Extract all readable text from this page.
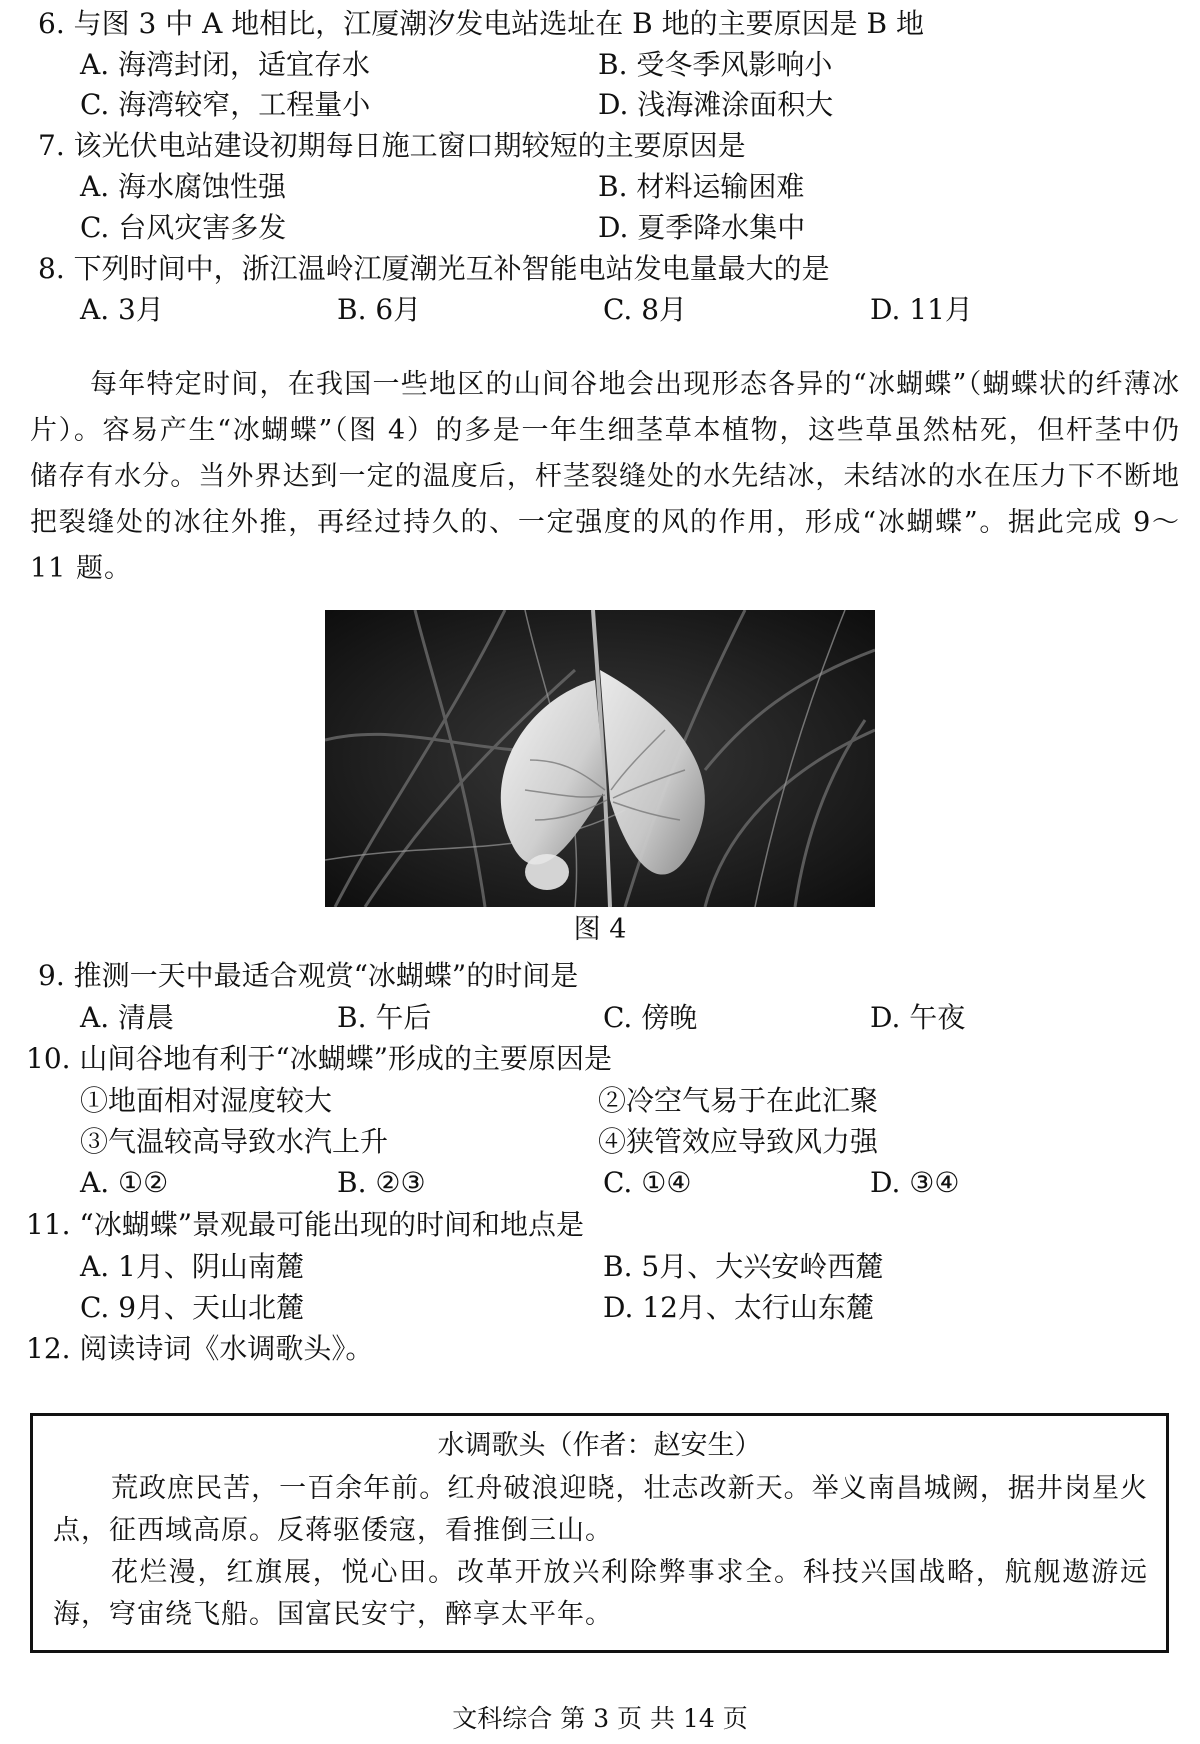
6. 与图 3 中 A 地相比，江厦潮汐发电站选址在 B 地的主要原因是 B 地
A. 海湾封闭，适宜存水	B. 受冬季风影响小
C. 海湾较窄，工程量小	D. 浅海滩涂面积大
7. 该光伏电站建设初期每日施工窗口期较短的主要原因是
A. 海水腐蚀性强	B. 材料运输困难
C. 台风灾害多发	D. 夏季降水集中
8. 下列时间中，浙江温岭江厦潮光互补智能电站发电量最大的是
A. 3月	B. 6月	C. 8月	D. 11月
每年特定时间，在我国一些地区的山间谷地会出现形态各异的“冰蝴蝶”（蝴蝶状的纤薄冰片）。容易产生“冰蝴蝶”（图 4）的多是一年生细茎草本植物，这些草虽然枯死，但杆茎中仍储存有水分。当外界达到一定的温度后，杆茎裂缝处的水先结冰，未结冰的水在压力下不断地把裂缝处的冰往外推，再经过持久的、一定强度的风的作用，形成“冰蝴蝶”。据此完成 9～11 题。
图 4
9. 推测一天中最适合观赏“冰蝴蝶”的时间是
A. 清晨	B. 午后	C. 傍晚	D. 午夜
10. 山间谷地有利于“冰蝴蝶”形成的主要原因是
①地面相对湿度较大	②冷空气易于在此汇聚
③气温较高导致水汽上升	④狭管效应导致风力强
A. ①②	B. ②③	C. ①④	D. ③④
11. “冰蝴蝶”景观最可能出现的时间和地点是
A. 1月、阴山南麓	B. 5月、大兴安岭西麓
C. 9月、天山北麓	D. 12月、太行山东麓
12. 阅读诗词《水调歌头》。
水调歌头（作者：赵安生）
荒政庶民苦，一百余年前。红舟破浪迎晓，壮志改新天。举义南昌城阙，据井岗星火点，征西域高原。反蒋驱倭寇，看推倒三山。
花烂漫，红旗展，悦心田。改革开放兴利除弊事求全。科技兴国战略，航舰遨游远海，穹宙绕飞船。国富民安宁，醉享太平年。
文科综合 第 3 页 共 14 页
